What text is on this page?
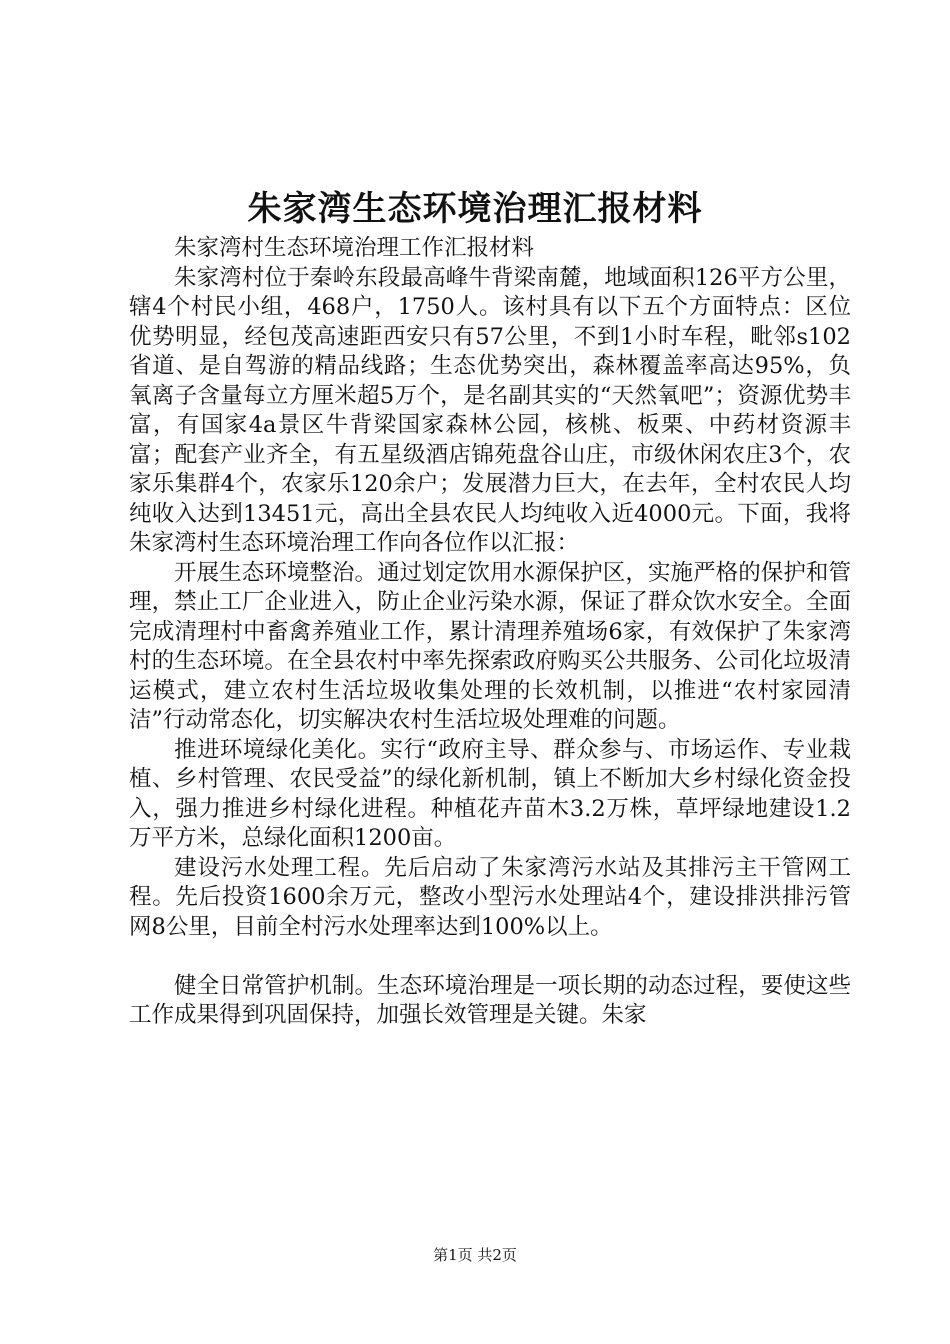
朱家湾生态环境治理汇报材料

朱家湾村生态环境治理工作汇报材料

朱家湾村位于秦岭东段最高峰牛背梁南麓，地域面积126平方公里，辖4个村民小组，468户，1750人。该村具有以下五个方面特点：区位优势明显，经包茂高速距西安只有57公里，不到1小时车程，毗邻s102省道、是自驾游的精品线路；生态优势突出，森林覆盖率高达95%，负氧离子含量每立方厘米超5万个，是名副其实的“天然氧吧”；资源优势丰富，有国家4a景区牛背梁国家森林公园，核桃、板栗、中药材资源丰富；配套产业齐全，有五星级酒店锦苑盘谷山庄，市级休闲农庄3个，农家乐集群4个，农家乐120余户；发展潜力巨大，在去年，全村农民人均纯收入达到13451元，高出全县农民人均纯收入近4000元。下面，我将朱家湾村生态环境治理工作向各位作以汇报：

开展生态环境整治。通过划定饮用水源保护区，实施严格的保护和管理，禁止工厂企业进入，防止企业污染水源，保证了群众饮水安全。全面完成清理村中畜禽养殖业工作，累计清理养殖场6家，有效保护了朱家湾村的生态环境。在全县农村中率先探索政府购买公共服务、公司化垃圾清运模式，建立农村生活垃圾收集处理的长效机制，以推进“农村家园清洁”行动常态化，切实解决农村生活垃圾处理难的问题。

推进环境绿化美化。实行“政府主导、群众参与、市场运作、专业栽植、乡村管理、农民受益”的绿化新机制，镇上不断加大乡村绿化资金投入，强力推进乡村绿化进程。种植花卉苗木3.2万株，草坪绿地建设1.2万平方米，总绿化面积1200亩。

建设污水处理工程。先后启动了朱家湾污水站及其排污主干管网工程。先后投资1600余万元，整改小型污水处理站4个，建设排洪排污管网8公里，目前全村污水处理率达到100%以上。

健全日常管护机制。生态环境治理是一项长期的动态过程，要使这些工作成果得到巩固保持，加强长效管理是关键。朱家

第1页 共2页
